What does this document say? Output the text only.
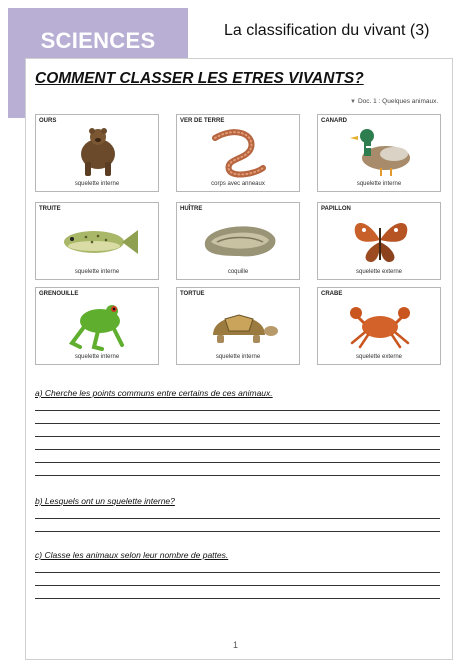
SCIENCES	La classification du vivant (3)
COMMENT CLASSER LES ETRES VIVANTS?
▼ Doc. 1 : Quelques animaux.
OURS
squelette interne
VER DE TERRE
corps avec anneaux
CANARD
squelette interne
TRUITE
squelette interne
HUÎTRE
coquille
PAPILLON
squelette externe
GRENOUILLE
squelette interne
TORTUE
squelette interne
CRABE
squelette externe
a) Cherche les points communs entre certains de ces animaux.
b) Lesquels ont un squelette interne?
c) Classe les animaux selon leur nombre de pattes.
1
